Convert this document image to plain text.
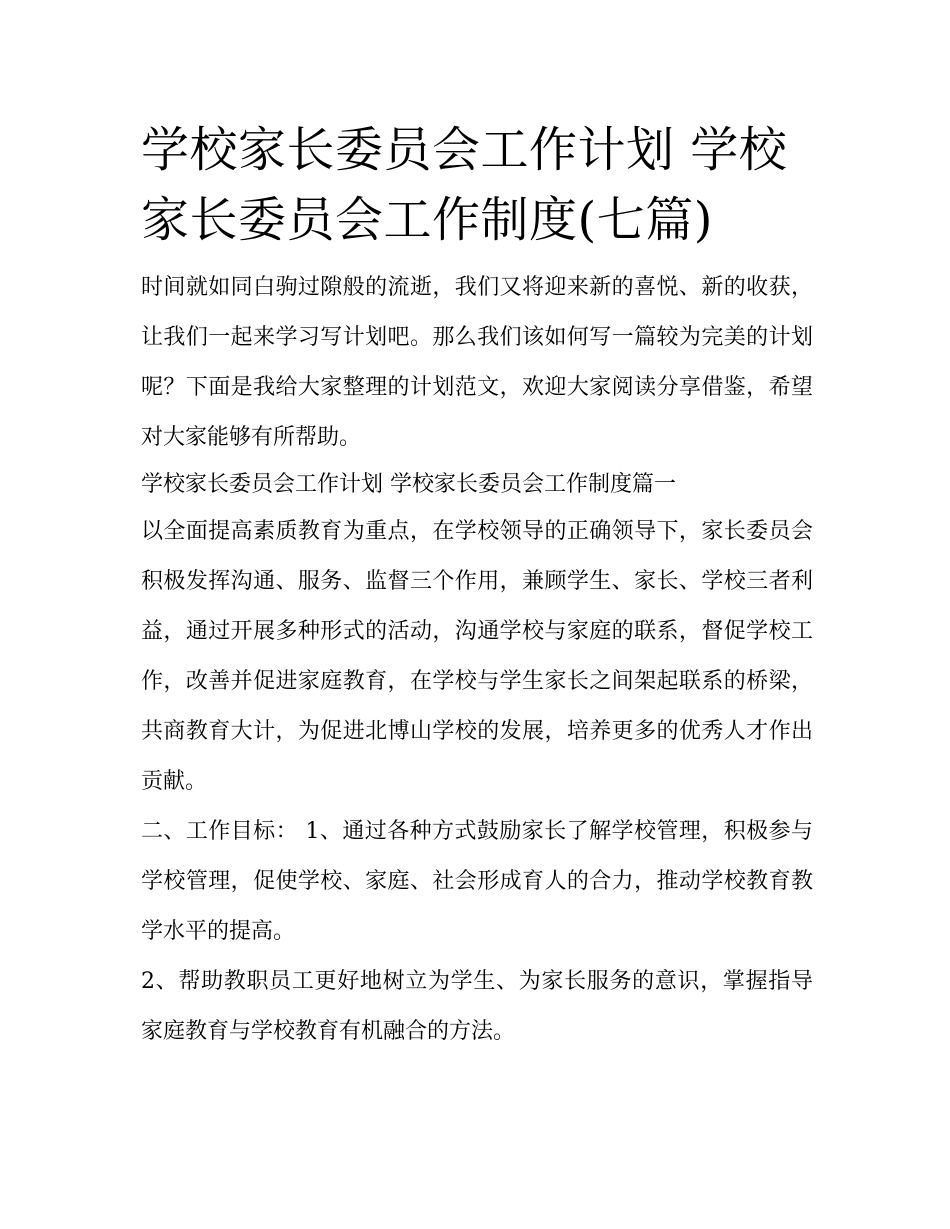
学校家长委员会工作计划 学校家长委员会工作制度(七篇)

时间就如同白驹过隙般的流逝，我们又将迎来新的喜悦、新的收获，让我们一起来学习写计划吧。那么我们该如何写一篇较为完美的计划呢？下面是我给大家整理的计划范文，欢迎大家阅读分享借鉴，希望对大家能够有所帮助。

学校家长委员会工作计划 学校家长委员会工作制度篇一

以全面提高素质教育为重点，在学校领导的正确领导下，家长委员会积极发挥沟通、服务、监督三个作用，兼顾学生、家长、学校三者利益，通过开展多种形式的活动，沟通学校与家庭的联系，督促学校工作，改善并促进家庭教育，在学校与学生家长之间架起联系的桥梁，共商教育大计，为促进北博山学校的发展，培养更多的优秀人才作出贡献。

二、工作目标： 1、通过各种方式鼓励家长了解学校管理，积极参与学校管理，促使学校、家庭、社会形成育人的合力，推动学校教育教学水平的提高。

2、帮助教职员工更好地树立为学生、为家长服务的意识，掌握指导家庭教育与学校教育有机融合的方法。
